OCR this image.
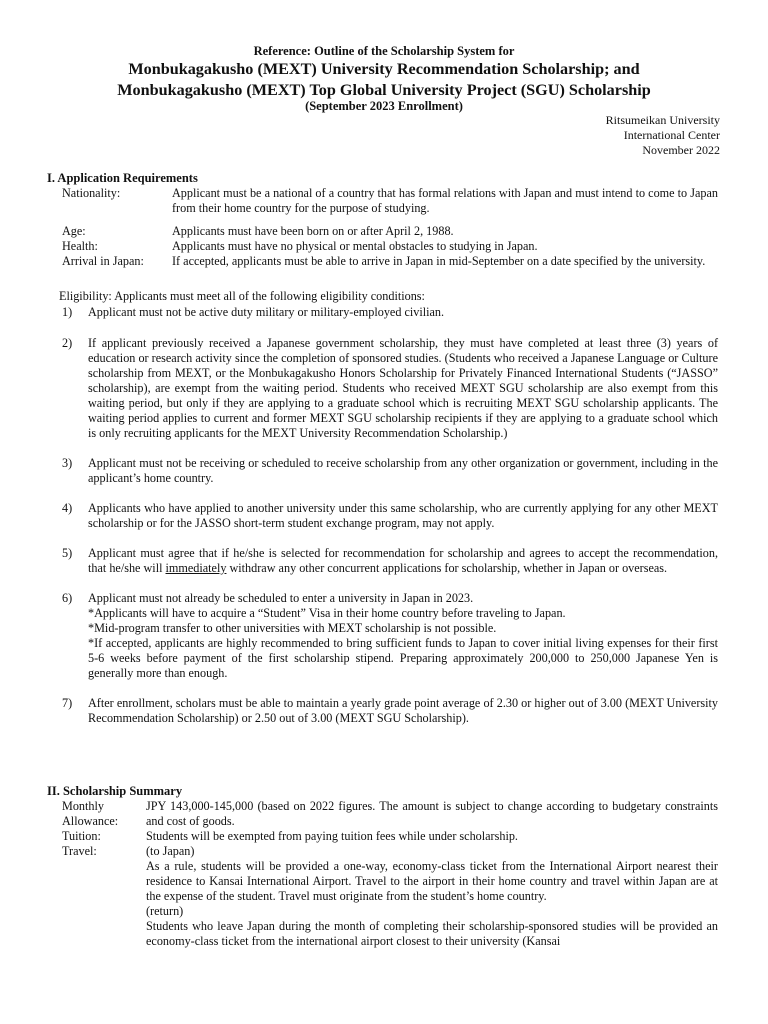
Reference: Outline of the Scholarship System for
Monbukagakusho (MEXT) University Recommendation Scholarship; and
Monbukagakusho (MEXT) Top Global University Project (SGU) Scholarship
(September 2023 Enrollment)
Ritsumeikan University
International Center
November 2022
I. Application Requirements
Nationality:	Applicant must be a national of a country that has formal relations with Japan and must intend to come to Japan from their home country for the purpose of studying.
Age:	Applicants must have been born on or after April 2, 1988.
Health:	Applicants must have no physical or mental obstacles to studying in Japan.
Arrival in Japan:	If accepted, applicants must be able to arrive in Japan in mid-September on a date specified by the university.
Eligibility: Applicants must meet all of the following eligibility conditions:
1)	Applicant must not be active duty military or military-employed civilian.
2)	If applicant previously received a Japanese government scholarship, they must have completed at least three (3) years of education or research activity since the completion of sponsored studies. (Students who received a Japanese Language or Culture scholarship from MEXT, or the Monbukagakusho Honors Scholarship for Privately Financed International Students (“JASSO” scholarship), are exempt from the waiting period. Students who received MEXT SGU scholarship are also exempt from this waiting period, but only if they are applying to a graduate school which is recruiting MEXT SGU scholarship applicants. The waiting period applies to current and former MEXT SGU scholarship recipients if they are applying to a graduate school which is only recruiting applicants for the MEXT University Recommendation Scholarship.)
3)	Applicant must not be receiving or scheduled to receive scholarship from any other organization or government, including in the applicant’s home country.
4)	Applicants who have applied to another university under this same scholarship, who are currently applying for any other MEXT scholarship or for the JASSO short-term student exchange program, may not apply.
5)	Applicant must agree that if he/she is selected for recommendation for scholarship and agrees to accept the recommendation, that he/she will immediately withdraw any other concurrent applications for scholarship, whether in Japan or overseas.
6)	Applicant must not already be scheduled to enter a university in Japan in 2023.

*Applicants will have to acquire a “Student” Visa in their home country before traveling to Japan.

*Mid-program transfer to other universities with MEXT scholarship is not possible.

*If accepted, applicants are highly recommended to bring sufficient funds to Japan to cover initial living expenses for their first 5-6 weeks before payment of the first scholarship stipend. Preparing approximately 200,000 to 250,000 Japanese Yen is generally more than enough.

7)	After enrollment, scholars must be able to maintain a yearly grade point average of 2.30 or higher out of 3.00 (MEXT University Recommendation Scholarship) or 2.50 out of 3.00 (MEXT SGU Scholarship).
II. Scholarship Summary
Monthly
Allowance:
JPY 143,000-145,000 (based on 2022 figures. The amount is subject to change according to budgetary constraints and cost of goods.
Tuition:	Students will be exempted from paying tuition fees while under scholarship.
Travel:	(to Japan)

As a rule, students will be provided a one-way, economy-class ticket from the International Airport nearest their residence to Kansai International Airport. Travel to the airport in their home country and travel within Japan are at the expense of the student. Travel must originate from the student’s home country.

(return)

Students who leave Japan during the month of completing their scholarship-sponsored studies will be provided an economy-class ticket from the international airport closest to their university (Kansai
